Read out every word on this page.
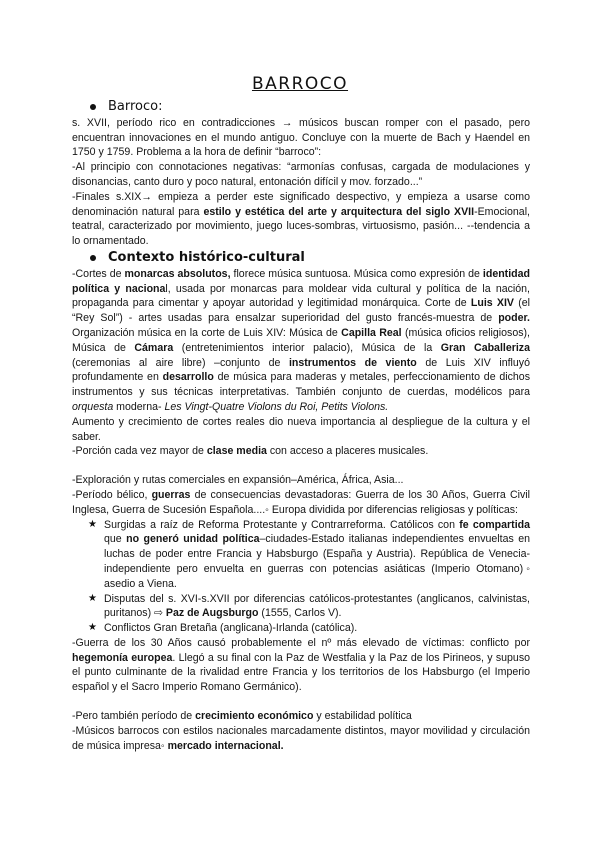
BARROCO
Barroco :

s. XVII, período rico en contradicciones → músicos buscan romper con el pasado, pero encuentran innovaciones en el mundo antiguo. Concluye con la muerte de Bach y Haendel en 1750 y 1759. Problema a la hora de definir “barroco”:

-Al principio con connotaciones negativas: “armonías confusas, cargada de modulaciones y disonancias, canto duro y poco natural, entonación difícil y mov. forzado...”

-Finales s.XIX→ empieza a perder este significado despectivo, y empieza a usarse como denominación natural para estilo y estética del arte y arquitectura del siglo XVII-Emocional, teatral, caracterizado por movimiento, juego luces-sombras, virtuosismo, pasión... --tendencia a lo ornamentado.

Contexto histórico-cultural

-Cortes de monarcas absolutos, florece música suntuosa. Música como expresión de identidad política y nacional, usada por monarcas para moldear vida cultural y política de la nación, propaganda para cimentar y apoyar autoridad y legitimidad monárquica. Corte de Luis XIV (el “Rey Sol”) - artes usadas para ensalzar superioridad del gusto francés-muestra de poder. Organización música en la corte de Luis XIV: Música de Capilla Real (música oficios religiosos), Música de Cámara (entretenimientos interior palacio), Música de la Gran Caballeriza (ceremonias al aire libre) –conjunto de instrumentos de viento de Luis XIV influyó profundamente en desarrollo de música para maderas y metales, perfeccionamiento de dichos instrumentos y sus técnicas interpretativas. También conjunto de cuerdas, modélicos para orquesta moderna- Les Vingt-Quatre Violons du Roi, Petits Violons.

Aumento y crecimiento de cortes reales dio nueva importancia al despliegue de la cultura y el saber.

-Porción cada vez mayor de clase media con acceso a placeres musicales.

-Exploración y rutas comerciales en expansión–América, África, Asia...

-Período bélico, guerras de consecuencias devastadoras: Guerra de los 30 Años, Guerra Civil Inglesa, Guerra de Sucesión Española....◦ Europa dividida por diferencias religiosas y políticas:

★ Surgidas a raíz de Reforma Protestante y Contrarreforma. Católicos con fe compartida que no generó unidad política–ciudades-Estado italianas independientes envueltas en luchas de poder entre Francia y Habsburgo (España y Austria). República de Venecia-independiente pero envuelta en guerras con potencias asiáticas (Imperio Otomano)◦ asedio a Viena.
★ Disputas del s. XVI-s.XVII por diferencias católicos-protestantes (anglicanos, calvinistas, puritanos) ⇨ Paz de Augsburgo (1555, Carlos V).
★ Conflictos Gran Bretaña (anglicana)-Irlanda (católica).

-Guerra de los 30 Años causó probablemente el nº más elevado de víctimas: conflicto por hegemonía europea. Llegó a su final con la Paz de Westfalia y la Paz de los Pirineos, y supuso el punto culminante de la rivalidad entre Francia y los territorios de los Habsburgo (el Imperio español y el Sacro Imperio Romano Germánico).

-Pero también período de crecimiento económico y estabilidad política

-Músicos barrocos con estilos nacionales marcadamente distintos, mayor movilidad y circulación de música impresa◦ mercado internacional.
